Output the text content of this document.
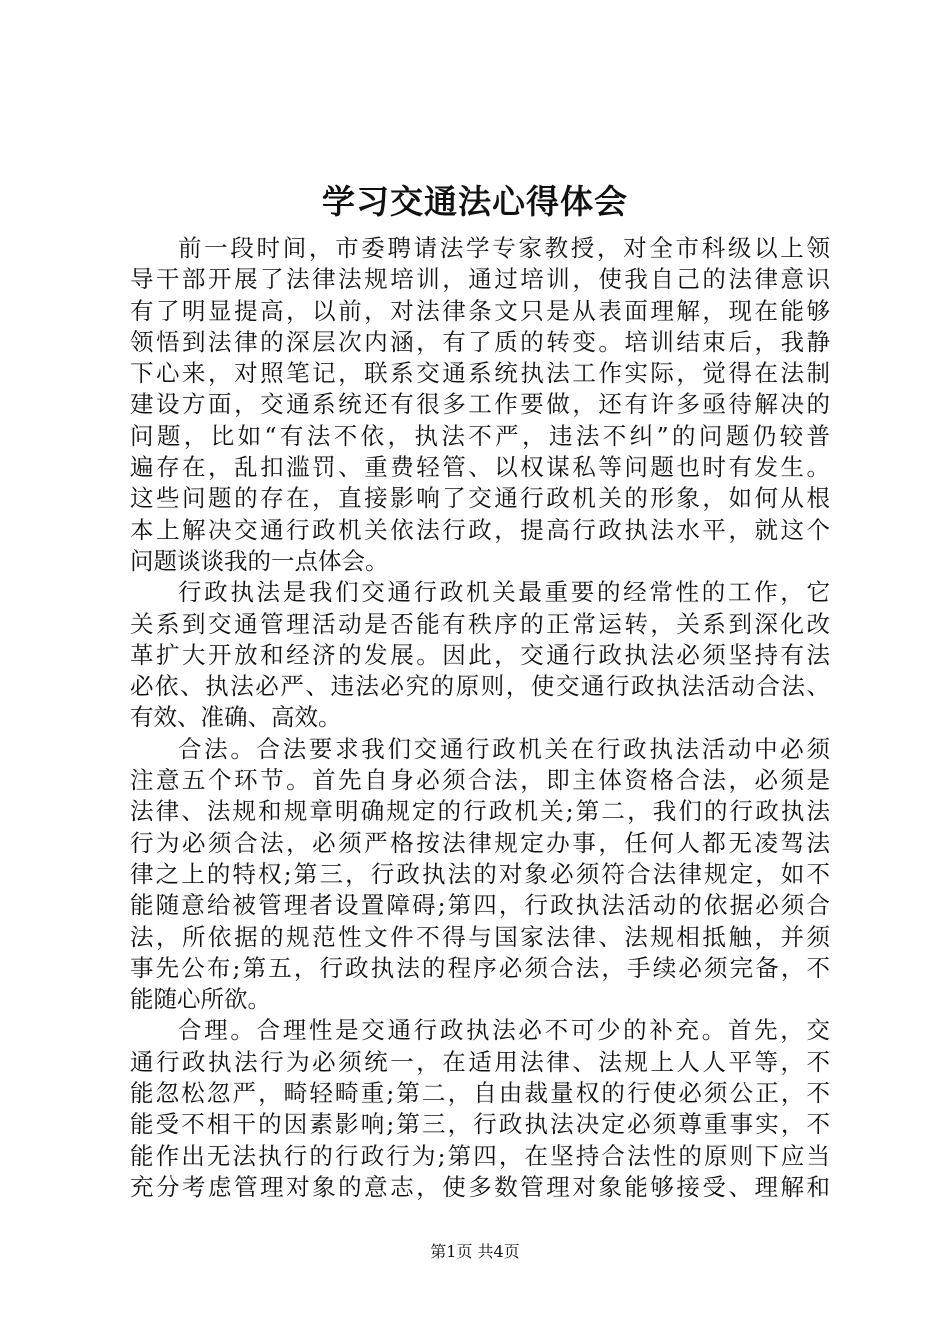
学习交通法心得体会
前一段时间，市委聘请法学专家教授，对全市科级以上领
导干部开展了法律法规培训，通过培训，使我自己的法律意识
有了明显提高，以前，对法律条文只是从表面理解，现在能够
领悟到法律的深层次内涵，有了质的转变。培训结束后，我静
下心来，对照笔记，联系交通系统执法工作实际，觉得在法制
建设方面，交通系统还有很多工作要做，还有许多亟待解决的
问题，比如“有法不依，执法不严，违法不纠”的问题仍较普
遍存在，乱扣滥罚、重费轻管、以权谋私等问题也时有发生。
这些问题的存在，直接影响了交通行政机关的形象，如何从根
本上解决交通行政机关依法行政，提高行政执法水平，就这个
问题谈谈我的一点体会。
行政执法是我们交通行政机关最重要的经常性的工作，它
关系到交通管理活动是否能有秩序的正常运转，关系到深化改
革扩大开放和经济的发展。因此，交通行政执法必须坚持有法
必依、执法必严、违法必究的原则，使交通行政执法活动合法、
有效、准确、高效。
合法。合法要求我们交通行政机关在行政执法活动中必须
注意五个环节。首先自身必须合法，即主体资格合法，必须是
法律、法规和规章明确规定的行政机关;第二，我们的行政执法
行为必须合法，必须严格按法律规定办事，任何人都无凌驾法
律之上的特权;第三，行政执法的对象必须符合法律规定，如不
能随意给被管理者设置障碍;第四，行政执法活动的依据必须合
法，所依据的规范性文件不得与国家法律、法规相抵触，并须
事先公布;第五，行政执法的程序必须合法，手续必须完备，不
能随心所欲。
合理。合理性是交通行政执法必不可少的补充。首先，交
通行政执法行为必须统一，在适用法律、法规上人人平等，不
能忽松忽严，畸轻畸重;第二，自由裁量权的行使必须公正，不
能受不相干的因素影响;第三，行政执法决定必须尊重事实，不
能作出无法执行的行政行为;第四，在坚持合法性的原则下应当
充分考虑管理对象的意志，使多数管理对象能够接受、理解和
第1页 共4页
